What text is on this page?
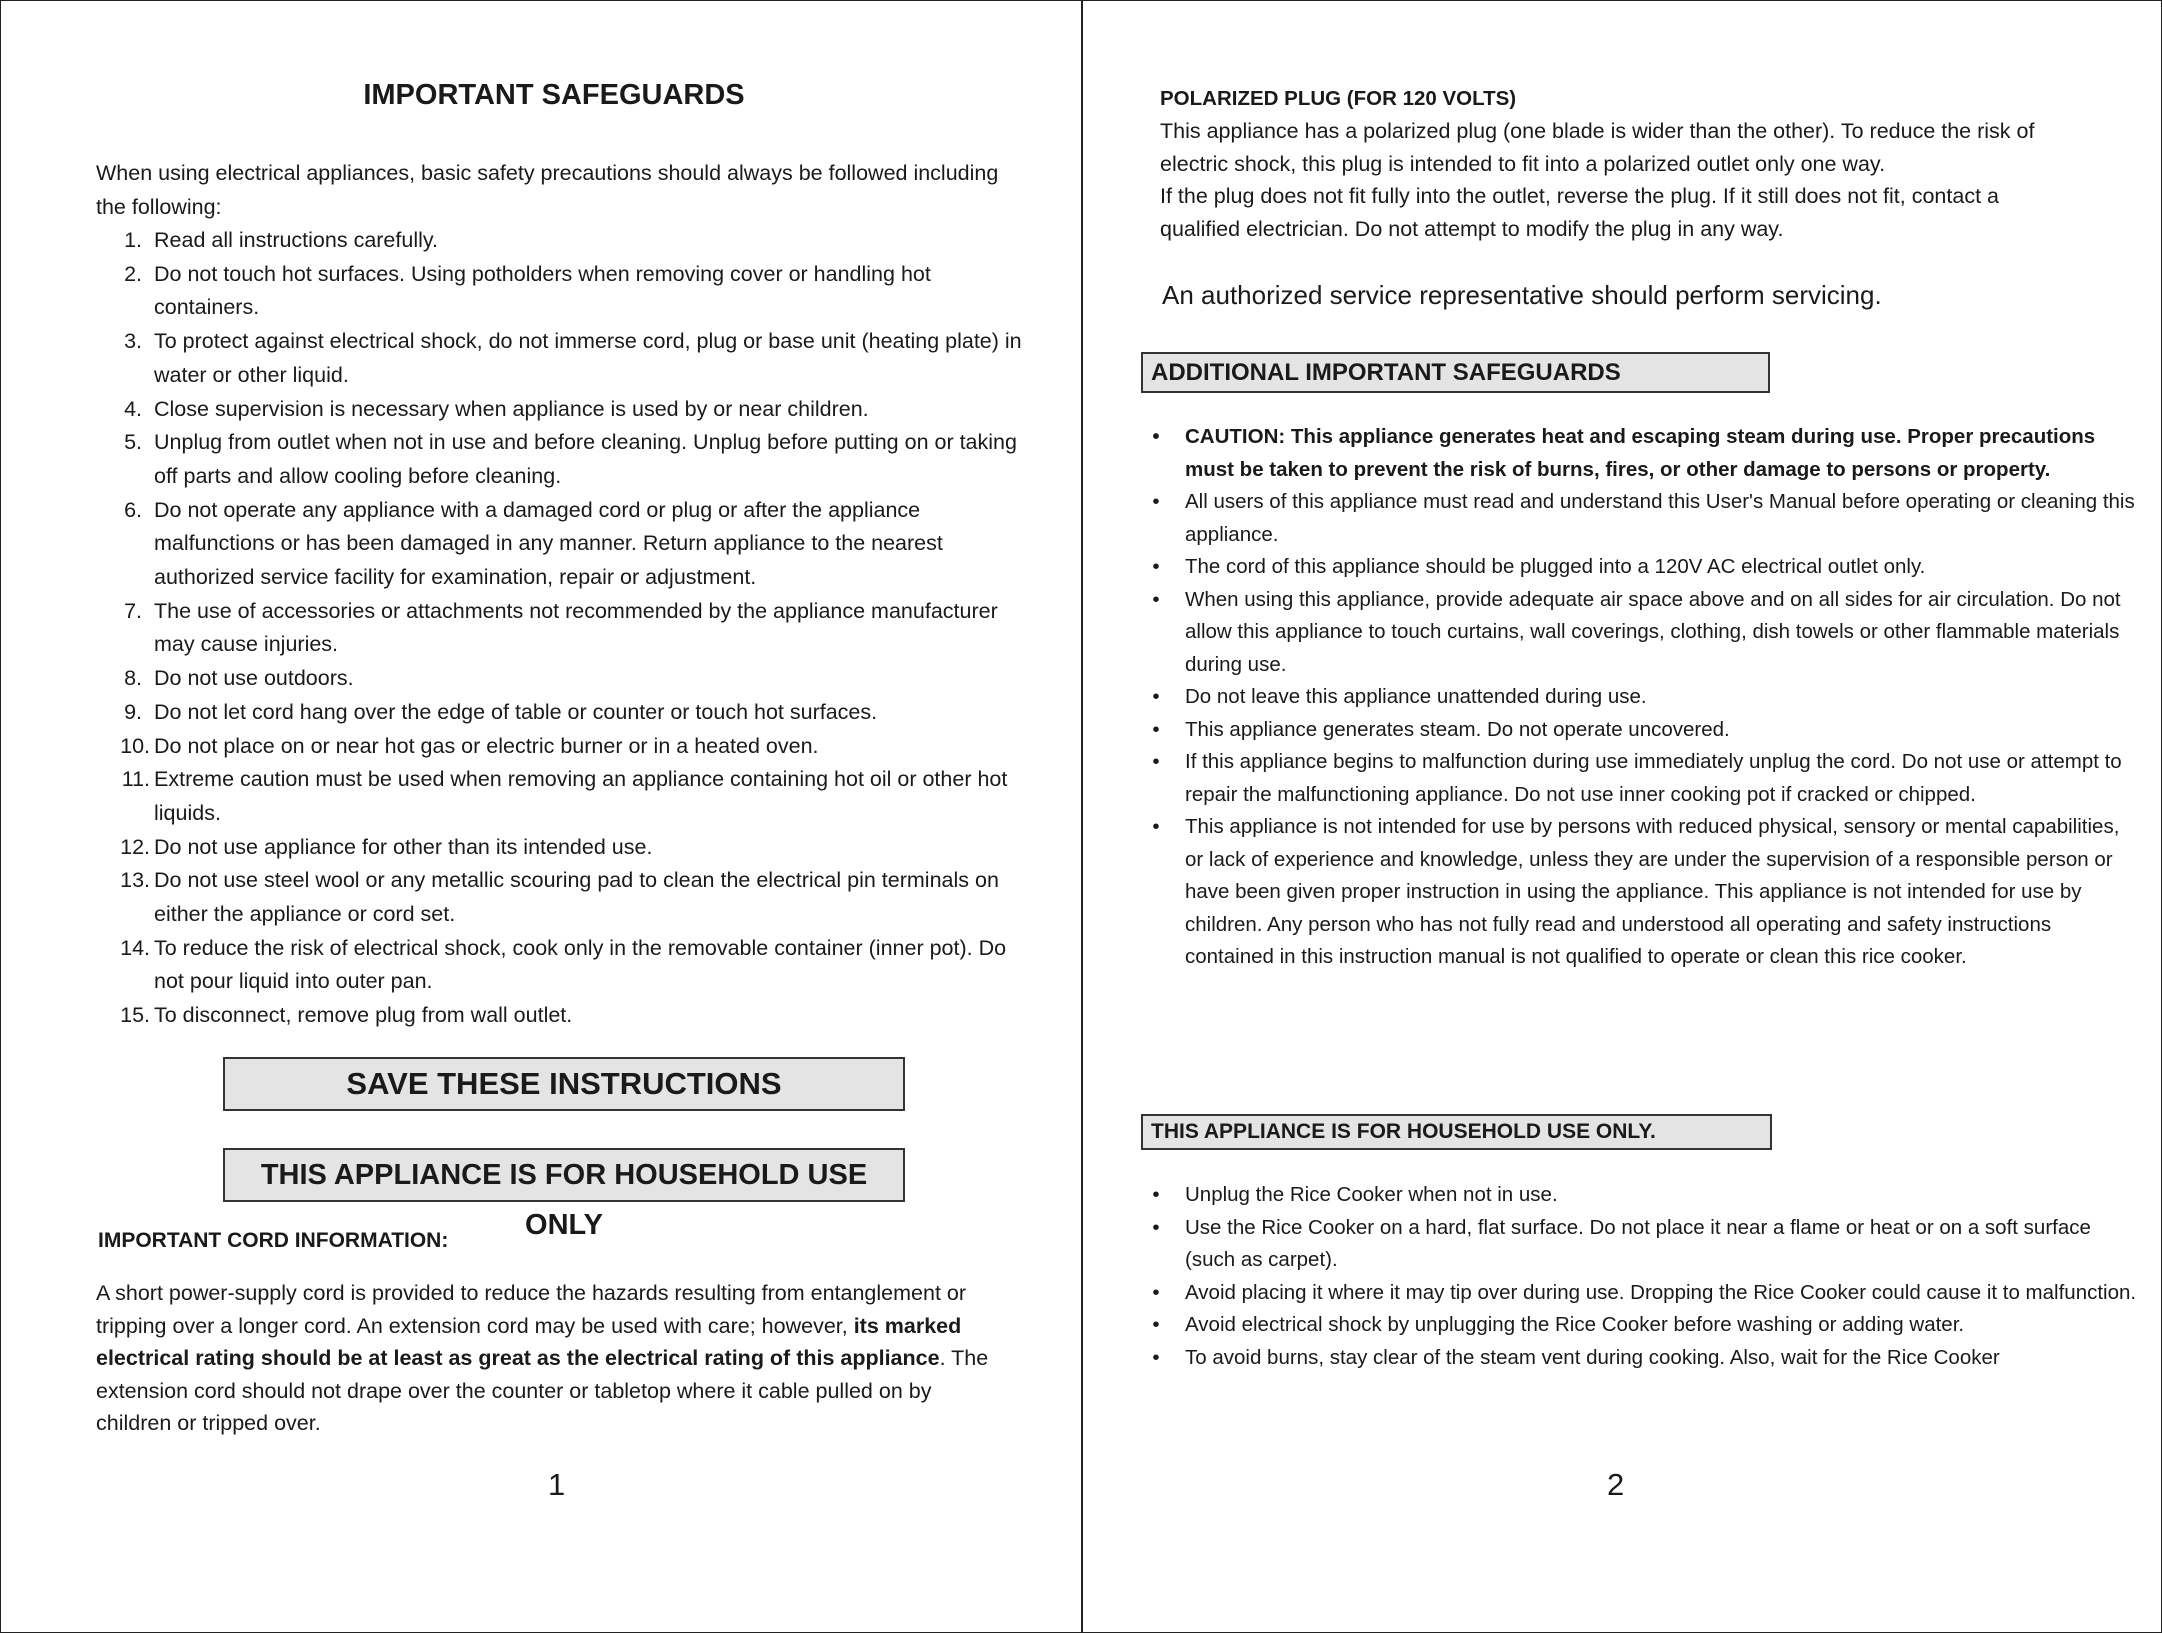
IMPORTANT SAFEGUARDS
When using electrical appliances, basic safety precautions should always be followed including the following:
1. Read all instructions carefully.
2. Do not touch hot surfaces. Using potholders when removing cover or handling hot containers.
3. To protect against electrical shock, do not immerse cord, plug or base unit (heating plate) in water or other liquid.
4. Close supervision is necessary when appliance is used by or near children.
5. Unplug from outlet when not in use and before cleaning. Unplug before putting on or taking off parts and allow cooling before cleaning.
6. Do not operate any appliance with a damaged cord or plug or after the appliance malfunctions or has been damaged in any manner. Return appliance to the nearest authorized service facility for examination, repair or adjustment.
7. The use of accessories or attachments not recommended by the appliance manufacturer may cause injuries.
8. Do not use outdoors.
9. Do not let cord hang over the edge of table or counter or touch hot surfaces.
10. Do not place on or near hot gas or electric burner or in a heated oven.
11. Extreme caution must be used when removing an appliance containing hot oil or other hot liquids.
12. Do not use appliance for other than its intended use.
13. Do not use steel wool or any metallic scouring pad to clean the electrical pin terminals on either the appliance or cord set.
14. To reduce the risk of electrical shock, cook only in the removable container (inner pot). Do not pour liquid into outer pan.
15. To disconnect, remove plug from wall outlet.
SAVE THESE INSTRUCTIONS
THIS APPLIANCE IS FOR HOUSEHOLD USE ONLY
IMPORTANT CORD INFORMATION:
A short power-supply cord is provided to reduce the hazards resulting from entanglement or tripping over a longer cord. An extension cord may be used with care; however, its marked electrical rating should be at least as great as the electrical rating of this appliance. The extension cord should not drape over the counter or tabletop where it cable pulled on by children or tripped over.
1
POLARIZED PLUG (FOR 120 VOLTS)
This appliance has a polarized plug (one blade is wider than the other). To reduce the risk of electric shock, this plug is intended to fit into a polarized outlet only one way.
If the plug does not fit fully into the outlet, reverse the plug. If it still does not fit, contact a qualified electrician. Do not attempt to modify the plug in any way.
An authorized service representative should perform servicing.
ADDITIONAL IMPORTANT SAFEGUARDS
• CAUTION: This appliance generates heat and escaping steam during use. Proper precautions must be taken to prevent the risk of burns, fires, or other damage to persons or property.
• All users of this appliance must read and understand this User's Manual before operating or cleaning this appliance.
• The cord of this appliance should be plugged into a 120V AC electrical outlet only.
• When using this appliance, provide adequate air space above and on all sides for air circulation. Do not allow this appliance to touch curtains, wall coverings, clothing, dish towels or other flammable materials during use.
• Do not leave this appliance unattended during use.
• This appliance generates steam. Do not operate uncovered.
• If this appliance begins to malfunction during use immediately unplug the cord. Do not use or attempt to repair the malfunctioning appliance. Do not use inner cooking pot if cracked or chipped.
• This appliance is not intended for use by persons with reduced physical, sensory or mental capabilities, or lack of experience and knowledge, unless they are under the supervision of a responsible person or have been given proper instruction in using the appliance. This appliance is not intended for use by children. Any person who has not fully read and understood all operating and safety instructions contained in this instruction manual is not qualified to operate or clean this rice cooker.
THIS APPLIANCE IS FOR HOUSEHOLD USE ONLY.
• Unplug the Rice Cooker when not in use.
• Use the Rice Cooker on a hard, flat surface. Do not place it near a flame or heat or on a soft surface (such as carpet).
• Avoid placing it where it may tip over during use. Dropping the Rice Cooker could cause it to malfunction.
• Avoid electrical shock by unplugging the Rice Cooker before washing or adding water.
• To avoid burns, stay clear of the steam vent during cooking. Also, wait for the Rice Cooker
2
